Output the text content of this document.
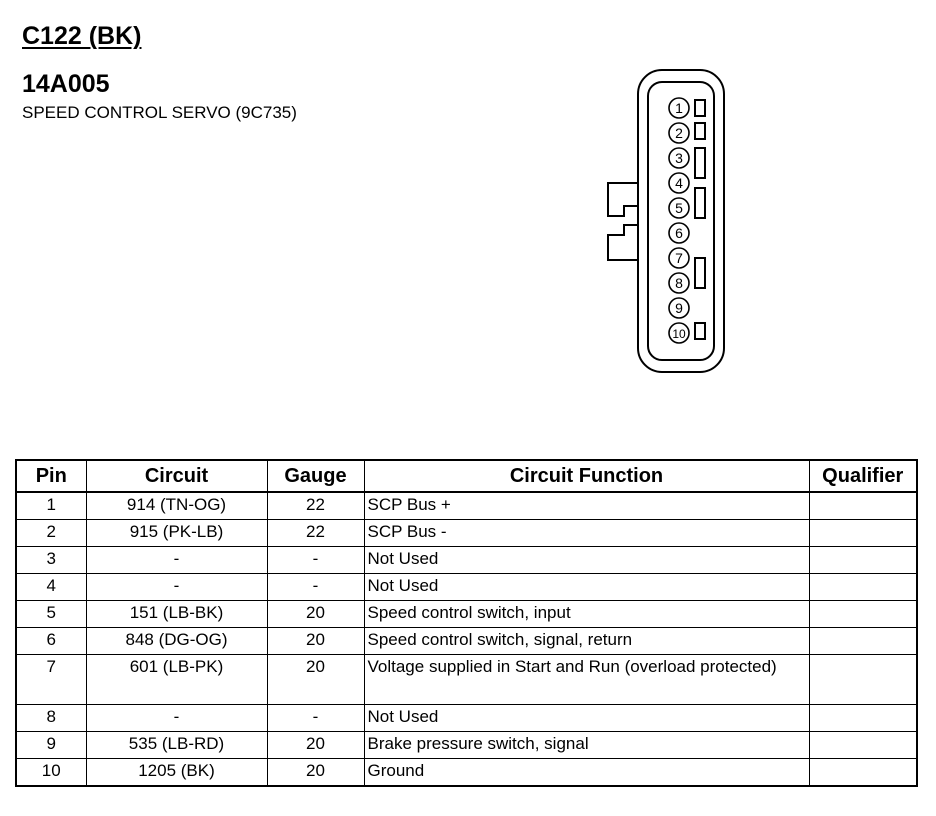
C122 (BK)
14A005
SPEED CONTROL SERVO (9C735)	1
2
3
4
5
6
7
8
9
10
Pin	Circuit	Gauge	Circuit Function	Qualifier
1	914 (TN-OG)	22	SCP Bus +	
2	915 (PK-LB)	22	SCP Bus -	
3	-	-	Not Used	
4	-	-	Not Used	
5	151 (LB-BK)	20	Speed control switch, input	
6	848 (DG-OG)	20	Speed control switch, signal, return	
7	601 (LB-PK)	20	Voltage supplied in Start and Run (overload protected)	
8	-	-	Not Used	
9	535 (LB-RD)	20	Brake pressure switch, signal	
10	1205 (BK)	20	Ground	
